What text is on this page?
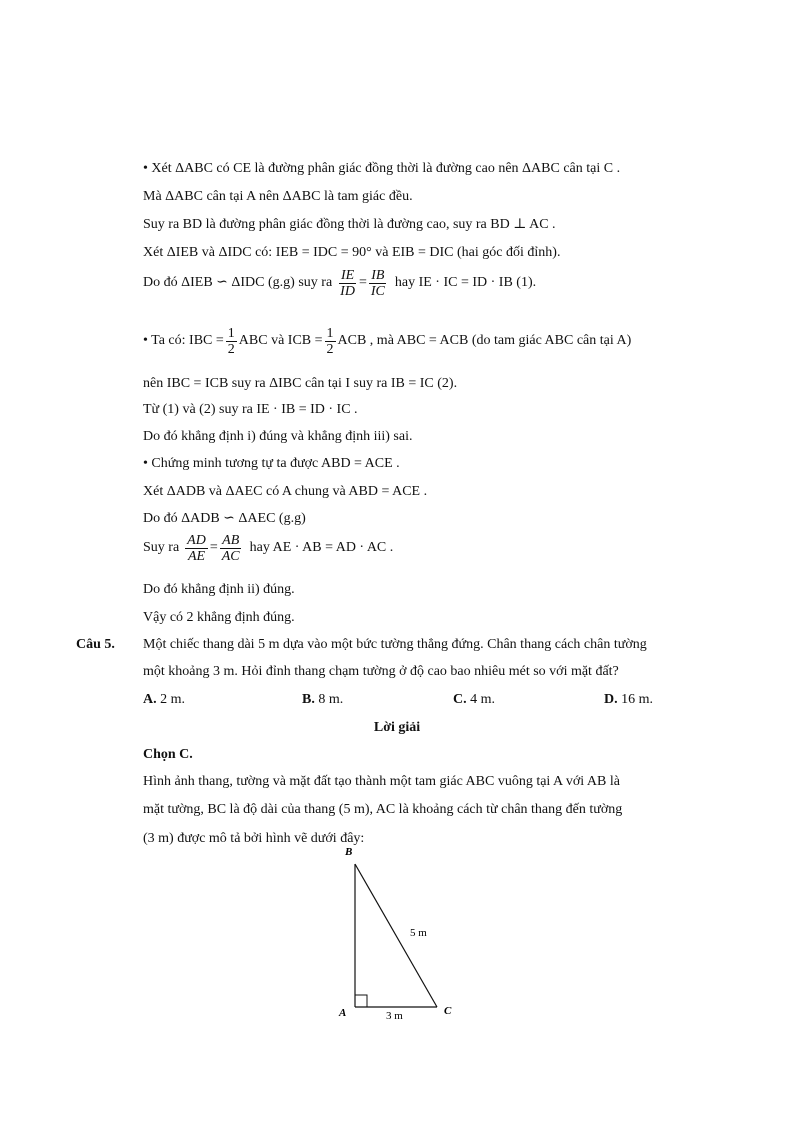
• Xét ΔABC có CE là đường phân giác đồng thời là đường cao nên ΔABC cân tại C .
Mà ΔABC cân tại A nên ΔABC là tam giác đều.
Suy ra BD là đường phân giác đồng thời là đường cao, suy ra BD ⊥ AC .
Xét ΔIEB và ΔIDC có: IEB = IDC = 90° và EIB = DIC (hai góc đối đỉnh).
Do đó ΔIEB ∽ ΔIDC (g.g) suy ra $\frac{IE}{ID} = \frac{IB}{IC}$ hay IE · IC = ID · IB (1).
• Ta có: IBC = $\frac{1}{2}$ ABC và ICB = $\frac{1}{2}$ ACB , mà ABC = ACB (do tam giác ABC cân tại A)
nên IBC = ICB suy ra ΔIBC cân tại I suy ra IB = IC (2).
Từ (1) và (2) suy ra IE · IB = ID · IC .
Do đó khẳng định i) đúng và khẳng định iii) sai.
• Chứng minh tương tự ta được ABD = ACE .
Xét ΔADB và ΔAEC có A chung và ABD = ACE .
Do đó ΔADB ∽ ΔAEC (g.g)
Suy ra $\frac{AD}{AE} = \frac{AB}{AC}$ hay AE · AB = AD · AC .
Do đó khẳng định ii) đúng.
Vậy có 2 khẳng định đúng.
Câu 5. Một chiếc thang dài 5 m dựa vào một bức tường thẳng đứng. Chân thang cách chân tường
một khoảng 3 m. Hỏi đỉnh thang chạm tường ở độ cao bao nhiêu mét so với mặt đất?
A. 2 m.	B. 8 m.	C. 4 m.	D. 16 m.
Lời giải
Chọn C.
Hình ảnh thang, tường và mặt đất tạo thành một tam giác ABC vuông tại A với AB là
mặt tường, BC là độ dài của thang (5 m), AC là khoảng cách từ chân thang đến tường
(3 m) được mô tả bởi hình vẽ dưới đây:
B
A	C
5 m
3 m
